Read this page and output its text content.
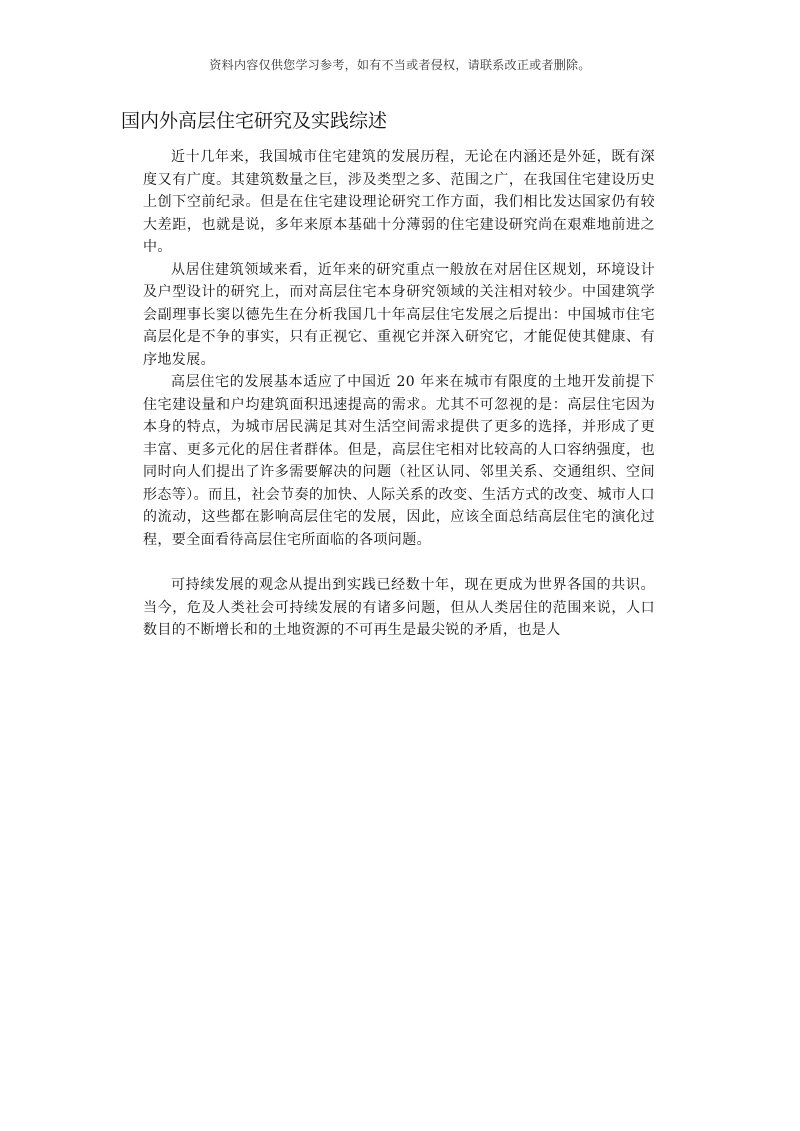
资料内容仅供您学习参考，如有不当或者侵权，请联系改正或者删除。
国内外高层住宅研究及实践综述

近十几年来，我国城市住宅建筑的发展历程，无论在内涵还是外延，既有深度又有广度。其建筑数量之巨，涉及类型之多、范围之广，在我国住宅建设历史上创下空前纪录。但是在住宅建设理论研究工作方面，我们相比发达国家仍有较大差距，也就是说，多年来原本基础十分薄弱的住宅建设研究尚在艰难地前进之中。

从居住建筑领域来看，近年来的研究重点一般放在对居住区规划，环境设计及户型设计的研究上，而对高层住宅本身研究领域的关注相对较少。中国建筑学会副理事长窦以德先生在分析我国几十年高层住宅发展之后提出：中国城市住宅高层化是不争的事实，只有正视它、重视它并深入研究它，才能促使其健康、有序地发展。

高层住宅的发展基本适应了中国近 20 年来在城市有限度的土地开发前提下住宅建设量和户均建筑面积迅速提高的需求。尤其不可忽视的是：高层住宅因为本身的特点，为城市居民满足其对生活空间需求提供了更多的选择，并形成了更丰富、更多元化的居住者群体。但是，高层住宅相对比较高的人口容纳强度，也同时向人们提出了许多需要解决的问题（社区认同、邻里关系、交通组织、空间形态等）。而且，社会节奏的加快、人际关系的改变、生活方式的改变、城市人口的流动，这些都在影响高层住宅的发展，因此，应该全面总结高层住宅的演化过程，要全面看待高层住宅所面临的各项问题。

可持续发展的观念从提出到实践已经数十年，现在更成为世界各国的共识。当今，危及人类社会可持续发展的有诸多问题，但从人类居住的范围来说，人口数目的不断增长和的土地资源的不可再生是最尖锐的矛盾，也是人
